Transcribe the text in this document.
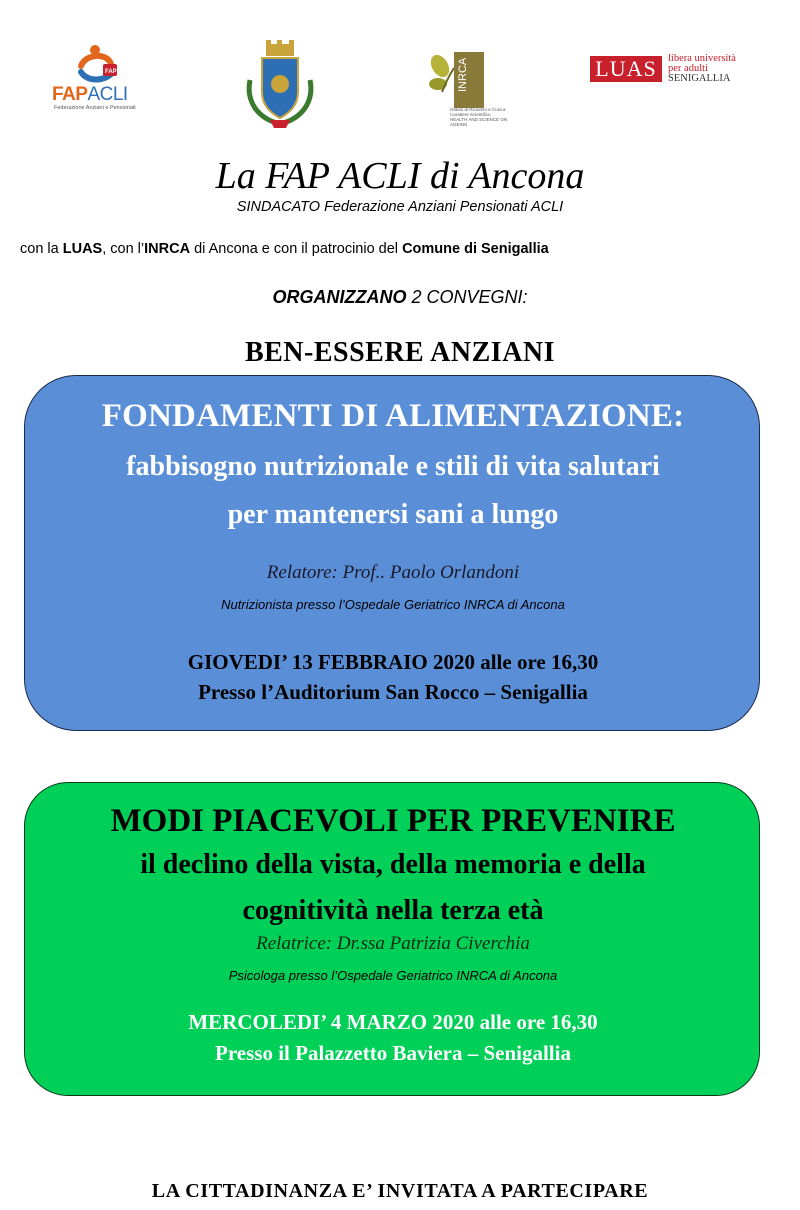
FAP
FAPACLI
Federazione Anziani e Pensionati
INRCA
Istituto di Ricovero e Cura a Carattere Scientifico
HEALTH AND SCIENCE ON AGEING
LUAS	libera università
per adulti
SENIGALLIA
La FAP ACLI di Ancona
SINDACATO Federazione Anziani Pensionati ACLI
con la LUAS, con l’INRCA di Ancona e con il patrocinio del Comune di Senigallia
ORGANIZZANO 2 CONVEGNI:
BEN-ESSERE ANZIANI
FONDAMENTI DI ALIMENTAZIONE:
fabbisogno nutrizionale e stili di vita salutari
per mantenersi sani a lungo
Relatore: Prof.. Paolo Orlandoni
Nutrizionista presso l’Ospedale Geriatrico INRCA di Ancona
GIOVEDI’ 13 FEBBRAIO 2020 alle ore 16,30
Presso l’Auditorium San Rocco – Senigallia
MODI PIACEVOLI PER PREVENIRE
il declino della vista, della memoria e della
cognitività nella terza età
Relatrice: Dr.ssa Patrizia Civerchia
Psicologa presso l’Ospedale Geriatrico INRCA di Ancona
MERCOLEDI’ 4 MARZO 2020 alle ore 16,30
Presso il Palazzetto Baviera – Senigallia
LA CITTADINANZA E’ INVITATA A PARTECIPARE
